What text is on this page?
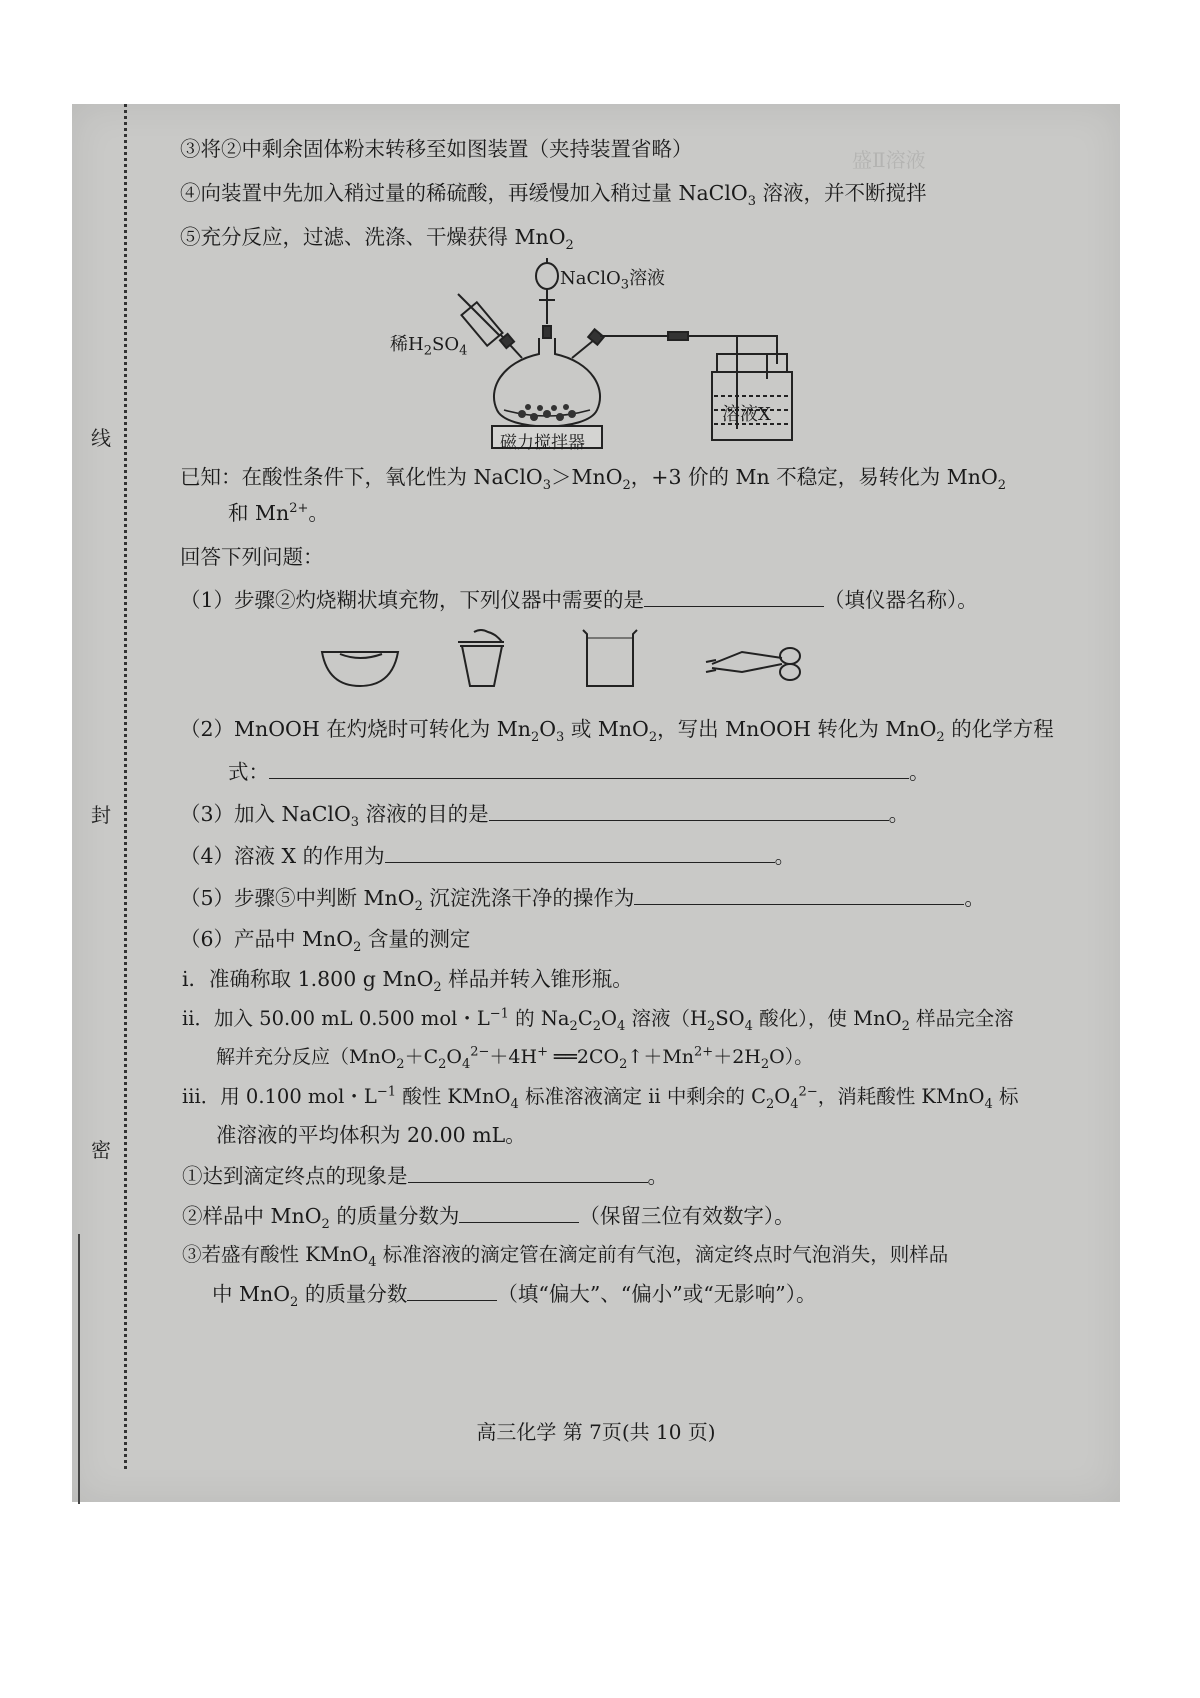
盛Ⅱ溶液
线
封
密
③将②中剩余固体粉末转移至如图装置（夹持装置省略）
④向装置中先加入稍过量的稀硫酸，再缓慢加入稍过量 NaClO$_3$ 溶液，并不断搅拌
⑤充分反应，过滤、洗涤、干燥获得 MnO$_2$
NaClO$_3$溶液
稀$H_2SO_4$
磁力搅拌器
溶液X
已知：在酸性条件下，氧化性为 NaClO$_3$＞MnO$_2$，+3 价的 Mn 不稳定，易转化为 MnO$_2$
和 $Mn^{2+}$。
回答下列问题：
（1）步骤②灼烧糊状填充物，下列仪器中需要的是	（填仪器名称）。
（2）MnOOH 在灼烧时可转化为 $Mn_2O_3$ 或 MnO$_2$，写出 MnOOH 转化为 MnO$_2$ 的化学方程
式：	。
（3）加入 NaClO$_3$ 溶液的目的是	。
（4）溶液 X 的作用为	。
（5）步骤⑤中判断 MnO$_2$ 沉淀洗涤干净的操作为	。
（6）产品中 MnO$_2$ 含量的测定
i．准确称取 1.800 g MnO$_2$ 样品并转入锥形瓶。
ii．加入 50.00 mL 0.500 mol・$L^{-1}$ 的 $Na_2C_2O_4$ 溶液（$H_2SO_4$ 酸化），使 MnO$_2$ 样品完全溶
解并充分反应（$MnO_2+C_2O_4^{2-}+4H^+$ $══2CO_2↑+Mn^{2+}+2H_2O$）。
iii．用 0.100 mol・$L^{-1}$ 酸性 KMnO$_4$ 标准溶液滴定 ii 中剩余的 $C_2O_4^{2-}$，消耗酸性 KMnO$_4$ 标
准溶液的平均体积为 20.00 mL。
①达到滴定终点的现象是	。
②样品中 MnO$_2$ 的质量分数为	（保留三位有效数字）。
③若盛有酸性 KMnO$_4$ 标准溶液的滴定管在滴定前有气泡，滴定终点时气泡消失，则样品
中 MnO$_2$ 的质量分数	（填“偏大”、“偏小”或“无影响”）。
高三化学 第 7页(共 10 页)
